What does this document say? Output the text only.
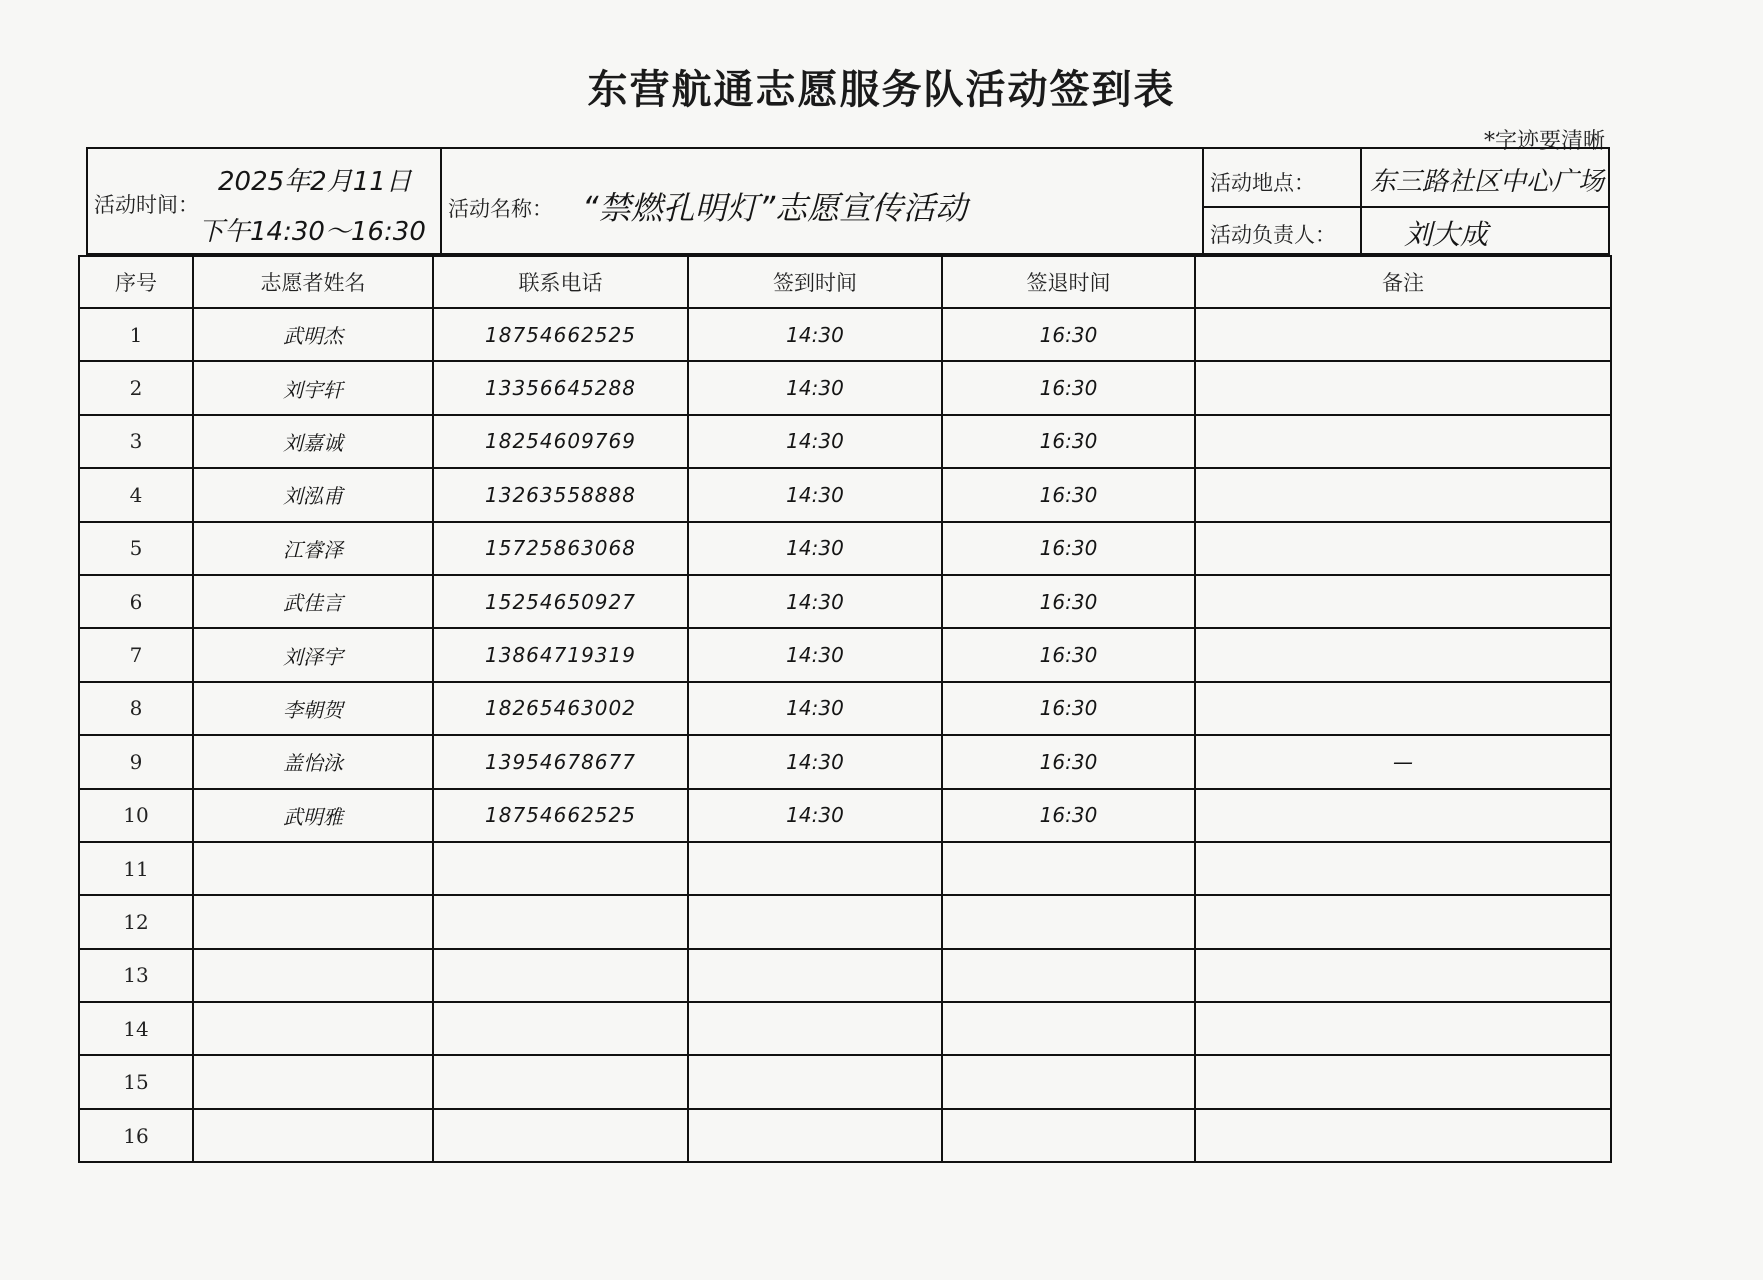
东营航通志愿服务队活动签到表
*字迹要清晰
活动时间：
2025年2月11日
下午14:30～16:30
活动名称： “禁燃孔明灯”志愿宣传活动
活动地点： 东三路社区中心广场
活动负责人： 刘大成
序号	志愿者姓名	联系电话	签到时间	签退时间	备注
1	武明杰	18754662525	14:30	16:30	
2	刘宇轩	13356645288	14:30	16:30	
3	刘嘉诚	18254609769	14:30	16:30	
4	刘泓甫	13263558888	14:30	16:30	
5	江睿泽	15725863068	14:30	16:30	
6	武佳言	15254650927	14:30	16:30	
7	刘泽宇	13864719319	14:30	16:30	
8	李朝贺	18265463002	14:30	16:30	
9	盖怡泳	13954678677	14:30	16:30	—
10	武明雅	18754662525	14:30	16:30	
11					
12					
13					
14					
15					
16					
